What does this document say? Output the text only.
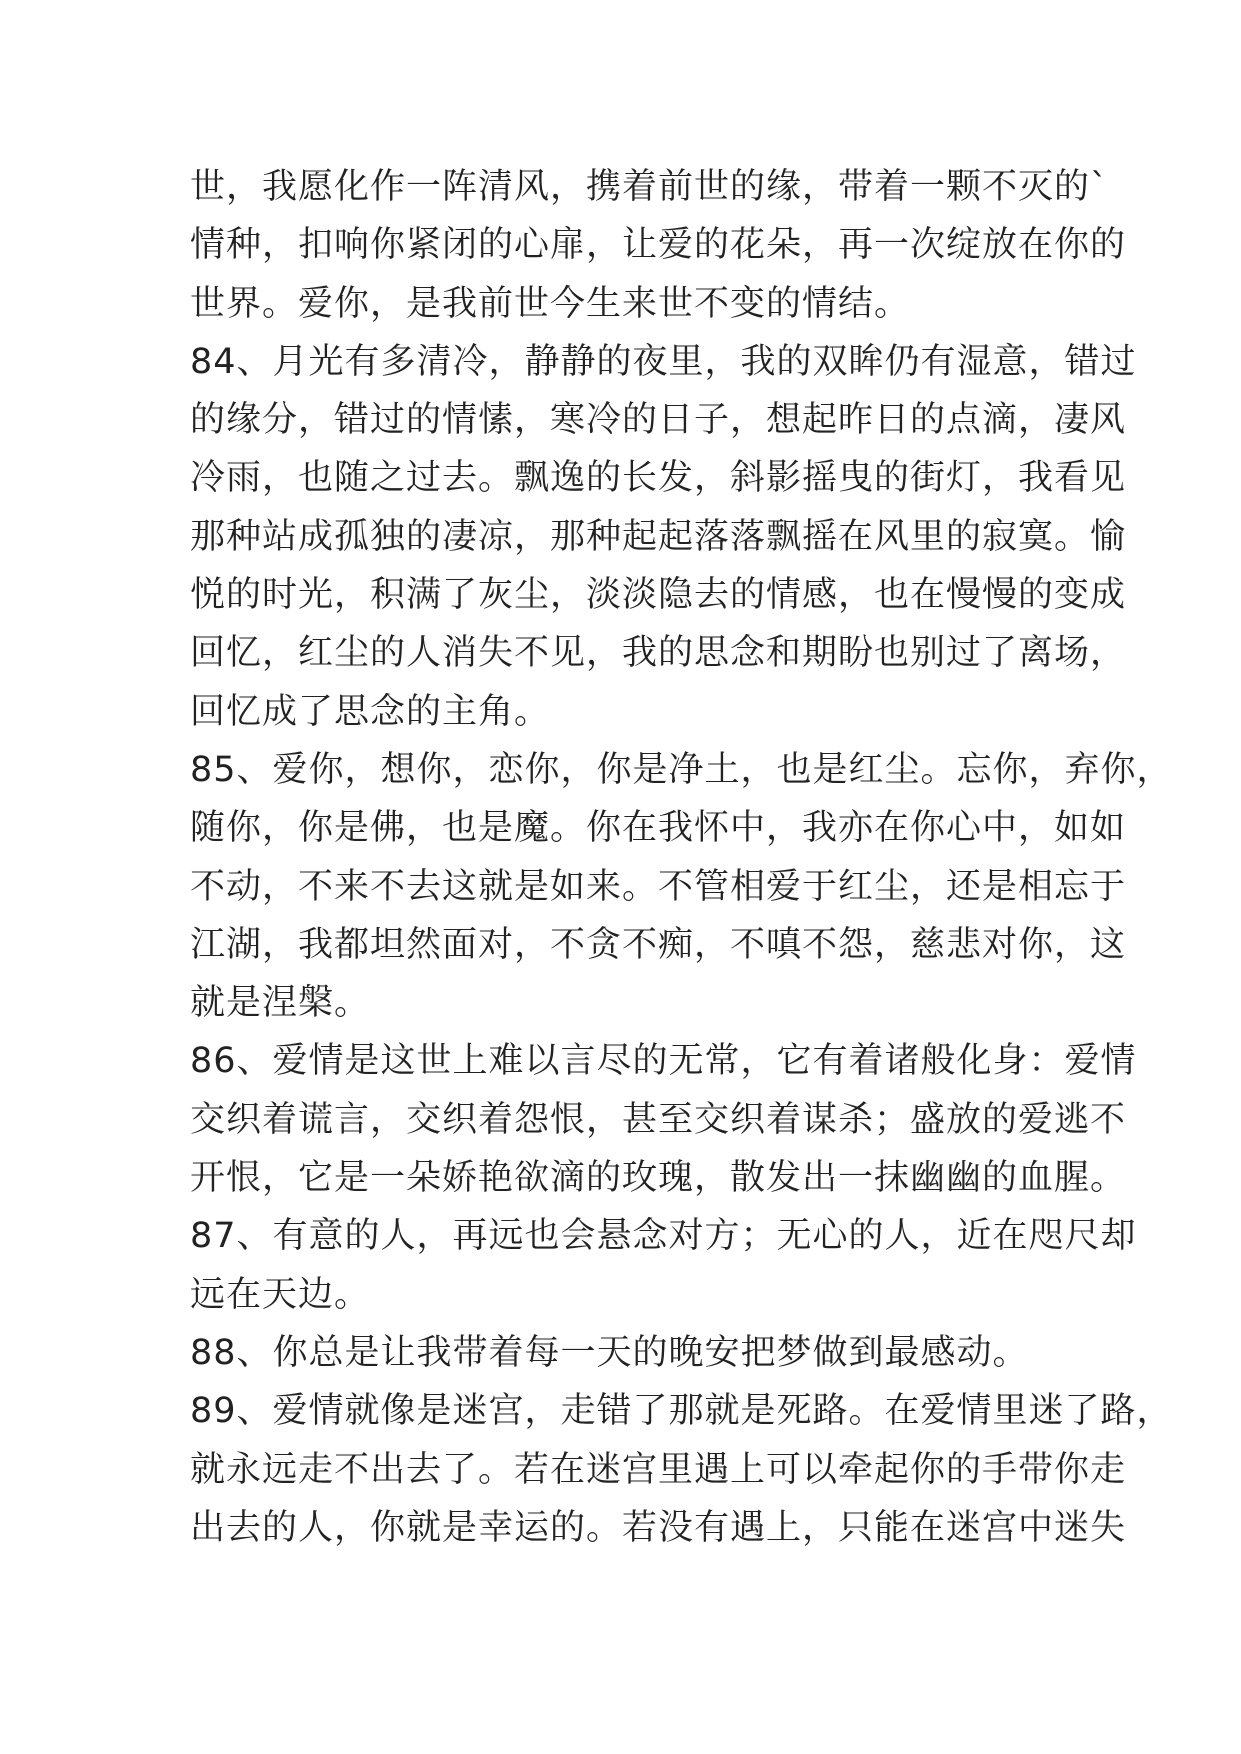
世，我愿化作一阵清风，携着前世的缘，带着一颗不灭的`
情种，扣响你紧闭的心扉，让爱的花朵，再一次绽放在你的
世界。爱你，是我前世今生来世不变的情结。
84、月光有多清冷，静静的夜里，我的双眸仍有湿意，错过
的缘分，错过的情愫，寒冷的日子，想起昨日的点滴，凄风
冷雨，也随之过去。飘逸的长发，斜影摇曳的街灯，我看见
那种站成孤独的凄凉，那种起起落落飘摇在风里的寂寞。愉
悦的时光，积满了灰尘，淡淡隐去的情感，也在慢慢的变成
回忆，红尘的人消失不见，我的思念和期盼也别过了离场，
回忆成了思念的主角。
85、爱你，想你，恋你，你是净土，也是红尘。忘你，弃你，
随你，你是佛，也是魔。你在我怀中，我亦在你心中，如如
不动，不来不去这就是如来。不管相爱于红尘，还是相忘于
江湖，我都坦然面对，不贪不痴，不嗔不怨，慈悲对你，这
就是涅槃。
86、爱情是这世上难以言尽的无常，它有着诸般化身：爱情
交织着谎言，交织着怨恨，甚至交织着谋杀；盛放的爱逃不
开恨，它是一朵娇艳欲滴的玫瑰，散发出一抹幽幽的血腥。
87、有意的人，再远也会悬念对方；无心的人，近在咫尺却
远在天边。
88、你总是让我带着每一天的晚安把梦做到最感动。
89、爱情就像是迷宫，走错了那就是死路。在爱情里迷了路，
就永远走不出去了。若在迷宫里遇上可以牵起你的手带你走
出去的人，你就是幸运的。若没有遇上，只能在迷宫中迷失
